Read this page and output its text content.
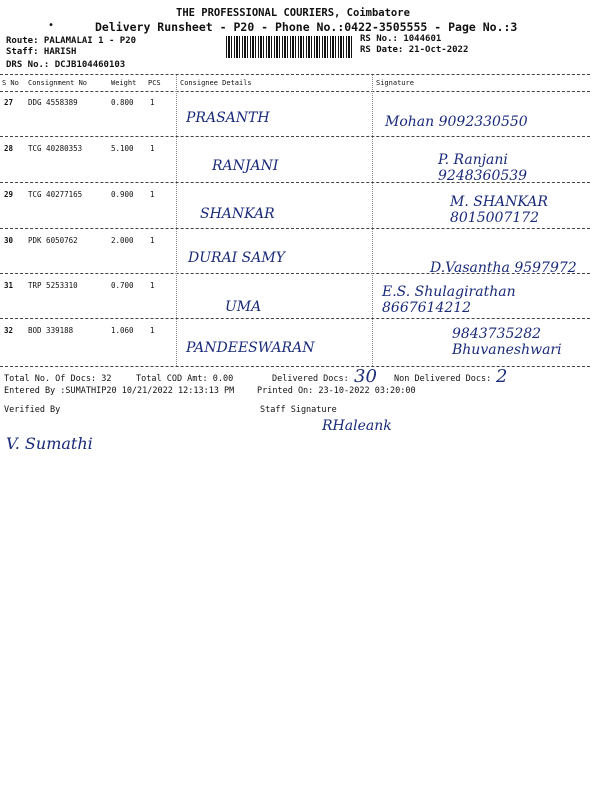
THE PROFESSIONAL COURIERS, Coimbatore
•	Delivery Runsheet - P20 - Phone No.:0422-3505555 - Page No.:3
Route: PALAMALAI 1 - P20
Staff: HARISH
DRS No.: DCJB104460103
RS No.: 1044601
RS Date: 21-Oct-2022
S No Consignment No	Weight PCS	Consignee Details	Signature
27 DDG 4558389	0.800 1
PRASANTH	Mohan 9092330550
28 TCG 40280353	5.100 1
RANJANI	P. Ranjani 9248360539
29 TCG 40277165	0.900 1
SHANKAR
M. SHANKAR 8015007172
30 PDK 6050762	2.000 1
DURAI SAMY
D.Vasantha 9597972
31 TRP 5253310	0.700 1
UMA
E.S. Shulagirathan 8667614212
32 BOD 339188	1.060 1
PANDEESWARAN
9843735282 Bhuvaneshwari
Total No. Of Docs: 32	Total COD Amt: 0.00	Delivered Docs: 30 Non Delivered Docs: 2
Entered By :SUMATHIP20 10/21/2022 12:13:13 PM	Printed On: 23-10-2022 03:20:00
Verified By	Staff Signature
V. Sumathi
RHaleank
